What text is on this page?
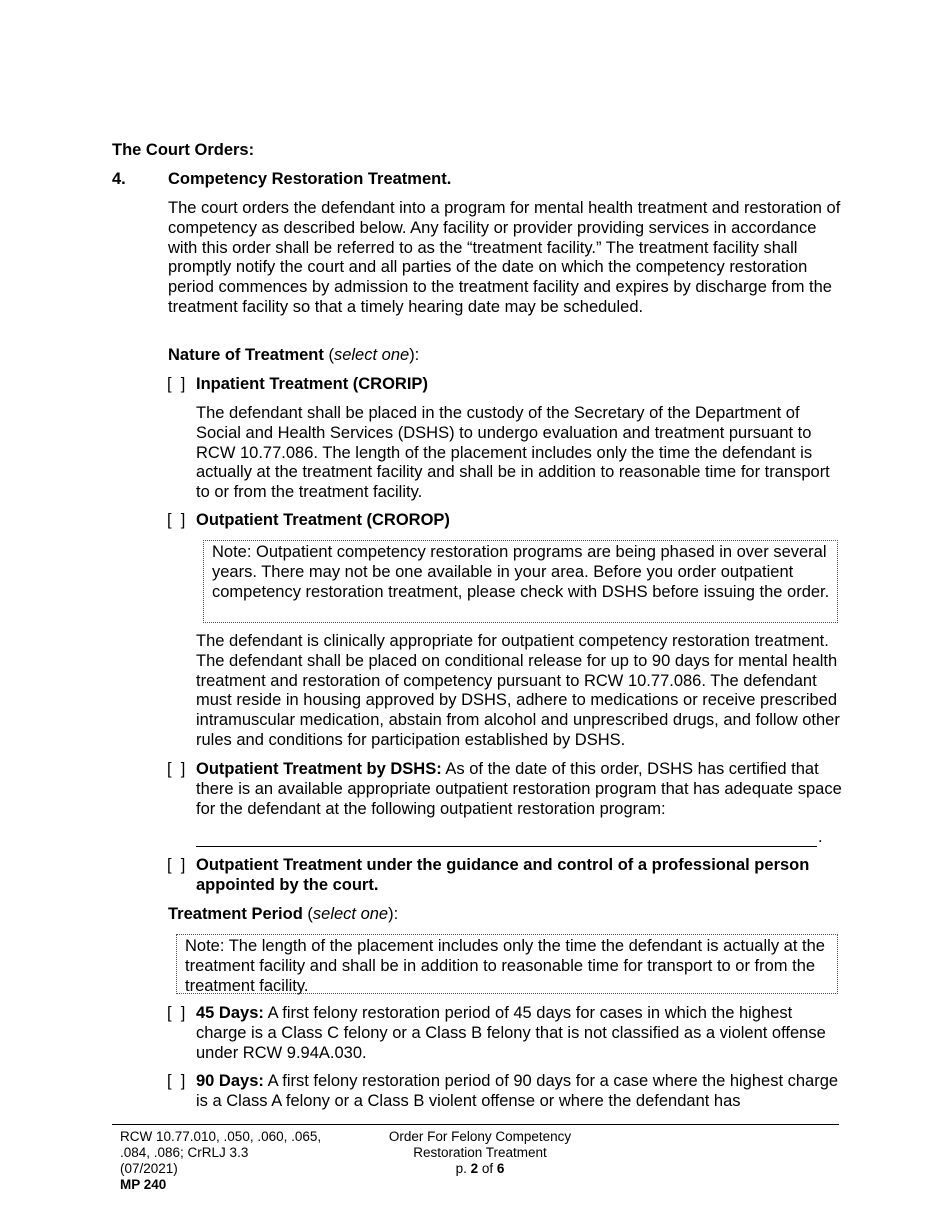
The Court Orders:

4.	Competency Restoration Treatment.

The court orders the defendant into a program for mental health treatment and restoration of competency as described below. Any facility or provider providing services in accordance with this order shall be referred to as the “treatment facility.” The treatment facility shall promptly notify the court and all parties of the date on which the competency restoration period commences by admission to the treatment facility and expires by discharge from the treatment facility so that a timely hearing date may be scheduled.

Nature of Treatment (select one):

[  ] Inpatient Treatment (CRORIP)

The defendant shall be placed in the custody of the Secretary of the Department of Social and Health Services (DSHS) to undergo evaluation and treatment pursuant to RCW 10.77.086. The length of the placement includes only the time the defendant is actually at the treatment facility and shall be in addition to reasonable time for transport to or from the treatment facility.

[  ] Outpatient Treatment (CROROP)

Note: Outpatient competency restoration programs are being phased in over several years. There may not be one available in your area. Before you order outpatient competency restoration treatment, please check with DSHS before issuing the order.

The defendant is clinically appropriate for outpatient competency restoration treatment. The defendant shall be placed on conditional release for up to 90 days for mental health treatment and restoration of competency pursuant to RCW 10.77.086. The defendant must reside in housing approved by DSHS, adhere to medications or receive prescribed intramuscular medication, abstain from alcohol and unprescribed drugs, and follow other rules and conditions for participation established by DSHS.

[  ] Outpatient Treatment by DSHS: As of the date of this order, DSHS has certified that there is an available appropriate outpatient restoration program that has adequate space for the defendant at the following outpatient restoration program:

.
[  ] Outpatient Treatment under the guidance and control of a professional person appointed by the court.

Treatment Period (select one):

Note: The length of the placement includes only the time the defendant is actually at the treatment facility and shall be in addition to reasonable time for transport to or from the treatment facility.

[  ] 45 Days: A first felony restoration period of 45 days for cases in which the highest charge is a Class C felony or a Class B felony that is not classified as a violent offense under RCW 9.94A.030.

[  ] 90 Days: A first felony restoration period of 90 days for a case where the highest charge is a Class A felony or a Class B violent offense or where the defendant has

RCW 10.77.010, .050, .060, .065,
.084, .086; CrRLJ 3.3
(07/2021)
MP 240
Order For Felony Competency
Restoration Treatment
p. 2 of 6
